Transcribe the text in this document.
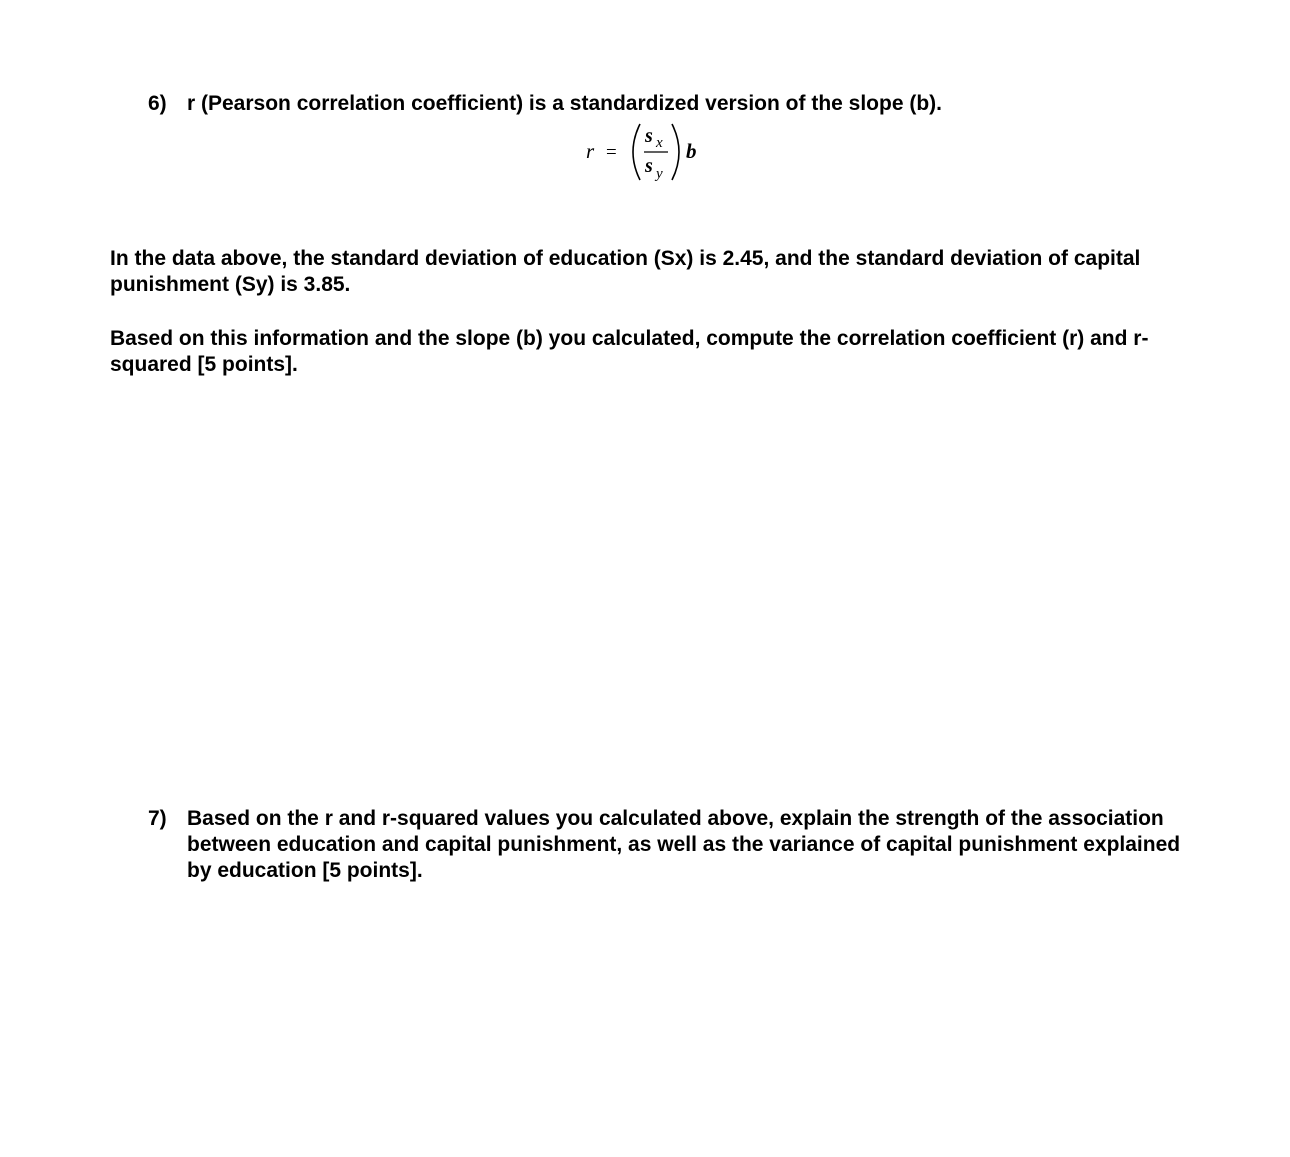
6) r (Pearson correlation coefficient) is a standardized version of the slope (b).

r =
s x
s y
b

In the data above, the standard deviation of education (Sx) is 2.45, and the standard deviation of capital punishment (Sy) is 3.85.

Based on this information and the slope (b) you calculated, compute the correlation coefficient (r) and r-squared [5 points].

7) Based on the r and r-squared values you calculated above, explain the strength of the association between education and capital punishment, as well as the variance of capital punishment explained by education [5 points].
